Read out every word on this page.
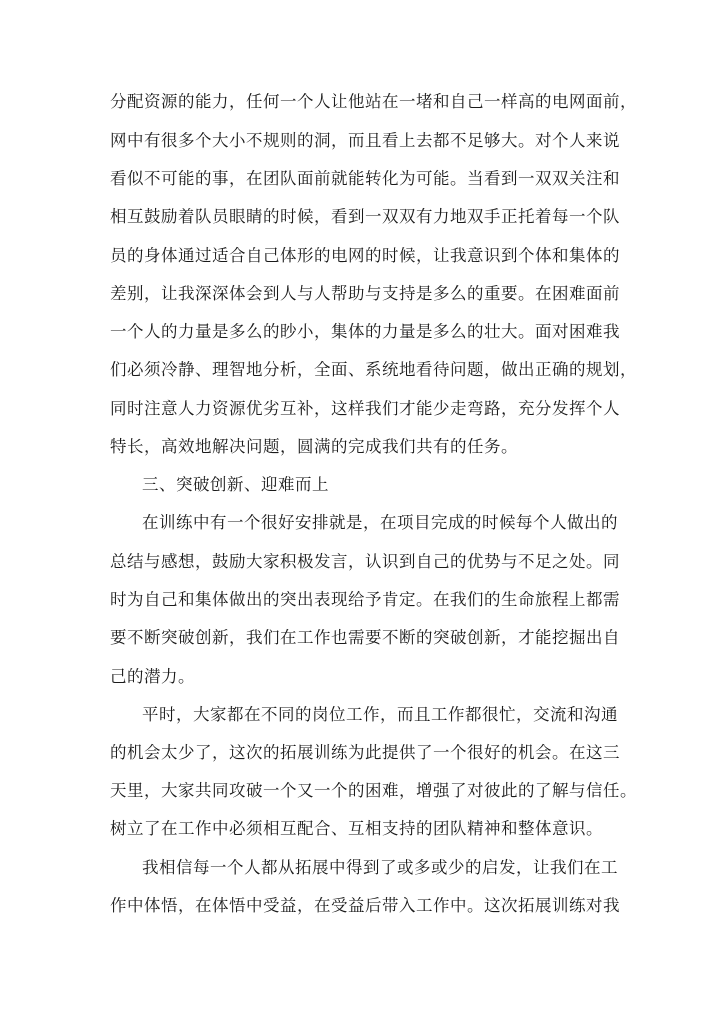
分配资源的能力，任何一个人让他站在一堵和自己一样高的电网面前，
网中有很多个大小不规则的洞，而且看上去都不足够大。对个人来说
看似不可能的事，在团队面前就能转化为可能。当看到一双双关注和
相互鼓励着队员眼睛的时候，看到一双双有力地双手正托着每一个队
员的身体通过适合自己体形的电网的时候，让我意识到个体和集体的
差别，让我深深体会到人与人帮助与支持是多么的重要。在困难面前
一个人的力量是多么的眇小，集体的力量是多么的壮大。面对困难我
们必须冷静、理智地分析，全面、系统地看待问题，做出正确的规划，
同时注意人力资源优劣互补，这样我们才能少走弯路，充分发挥个人
特长，高效地解决问题，圆满的完成我们共有的任务。
三、突破创新、迎难而上
在训练中有一个很好安排就是，在项目完成的时候每个人做出的
总结与感想，鼓励大家积极发言，认识到自己的优势与不足之处。同
时为自己和集体做出的突出表现给予肯定。在我们的生命旅程上都需
要不断突破创新，我们在工作也需要不断的突破创新，才能挖掘出自
己的潜力。
平时，大家都在不同的岗位工作，而且工作都很忙，交流和沟通
的机会太少了，这次的拓展训练为此提供了一个很好的机会。在这三
天里，大家共同攻破一个又一个的困难，增强了对彼此的了解与信任。
树立了在工作中必须相互配合、互相支持的团队精神和整体意识。
我相信每一个人都从拓展中得到了或多或少的启发，让我们在工
作中体悟，在体悟中受益，在受益后带入工作中。这次拓展训练对我
